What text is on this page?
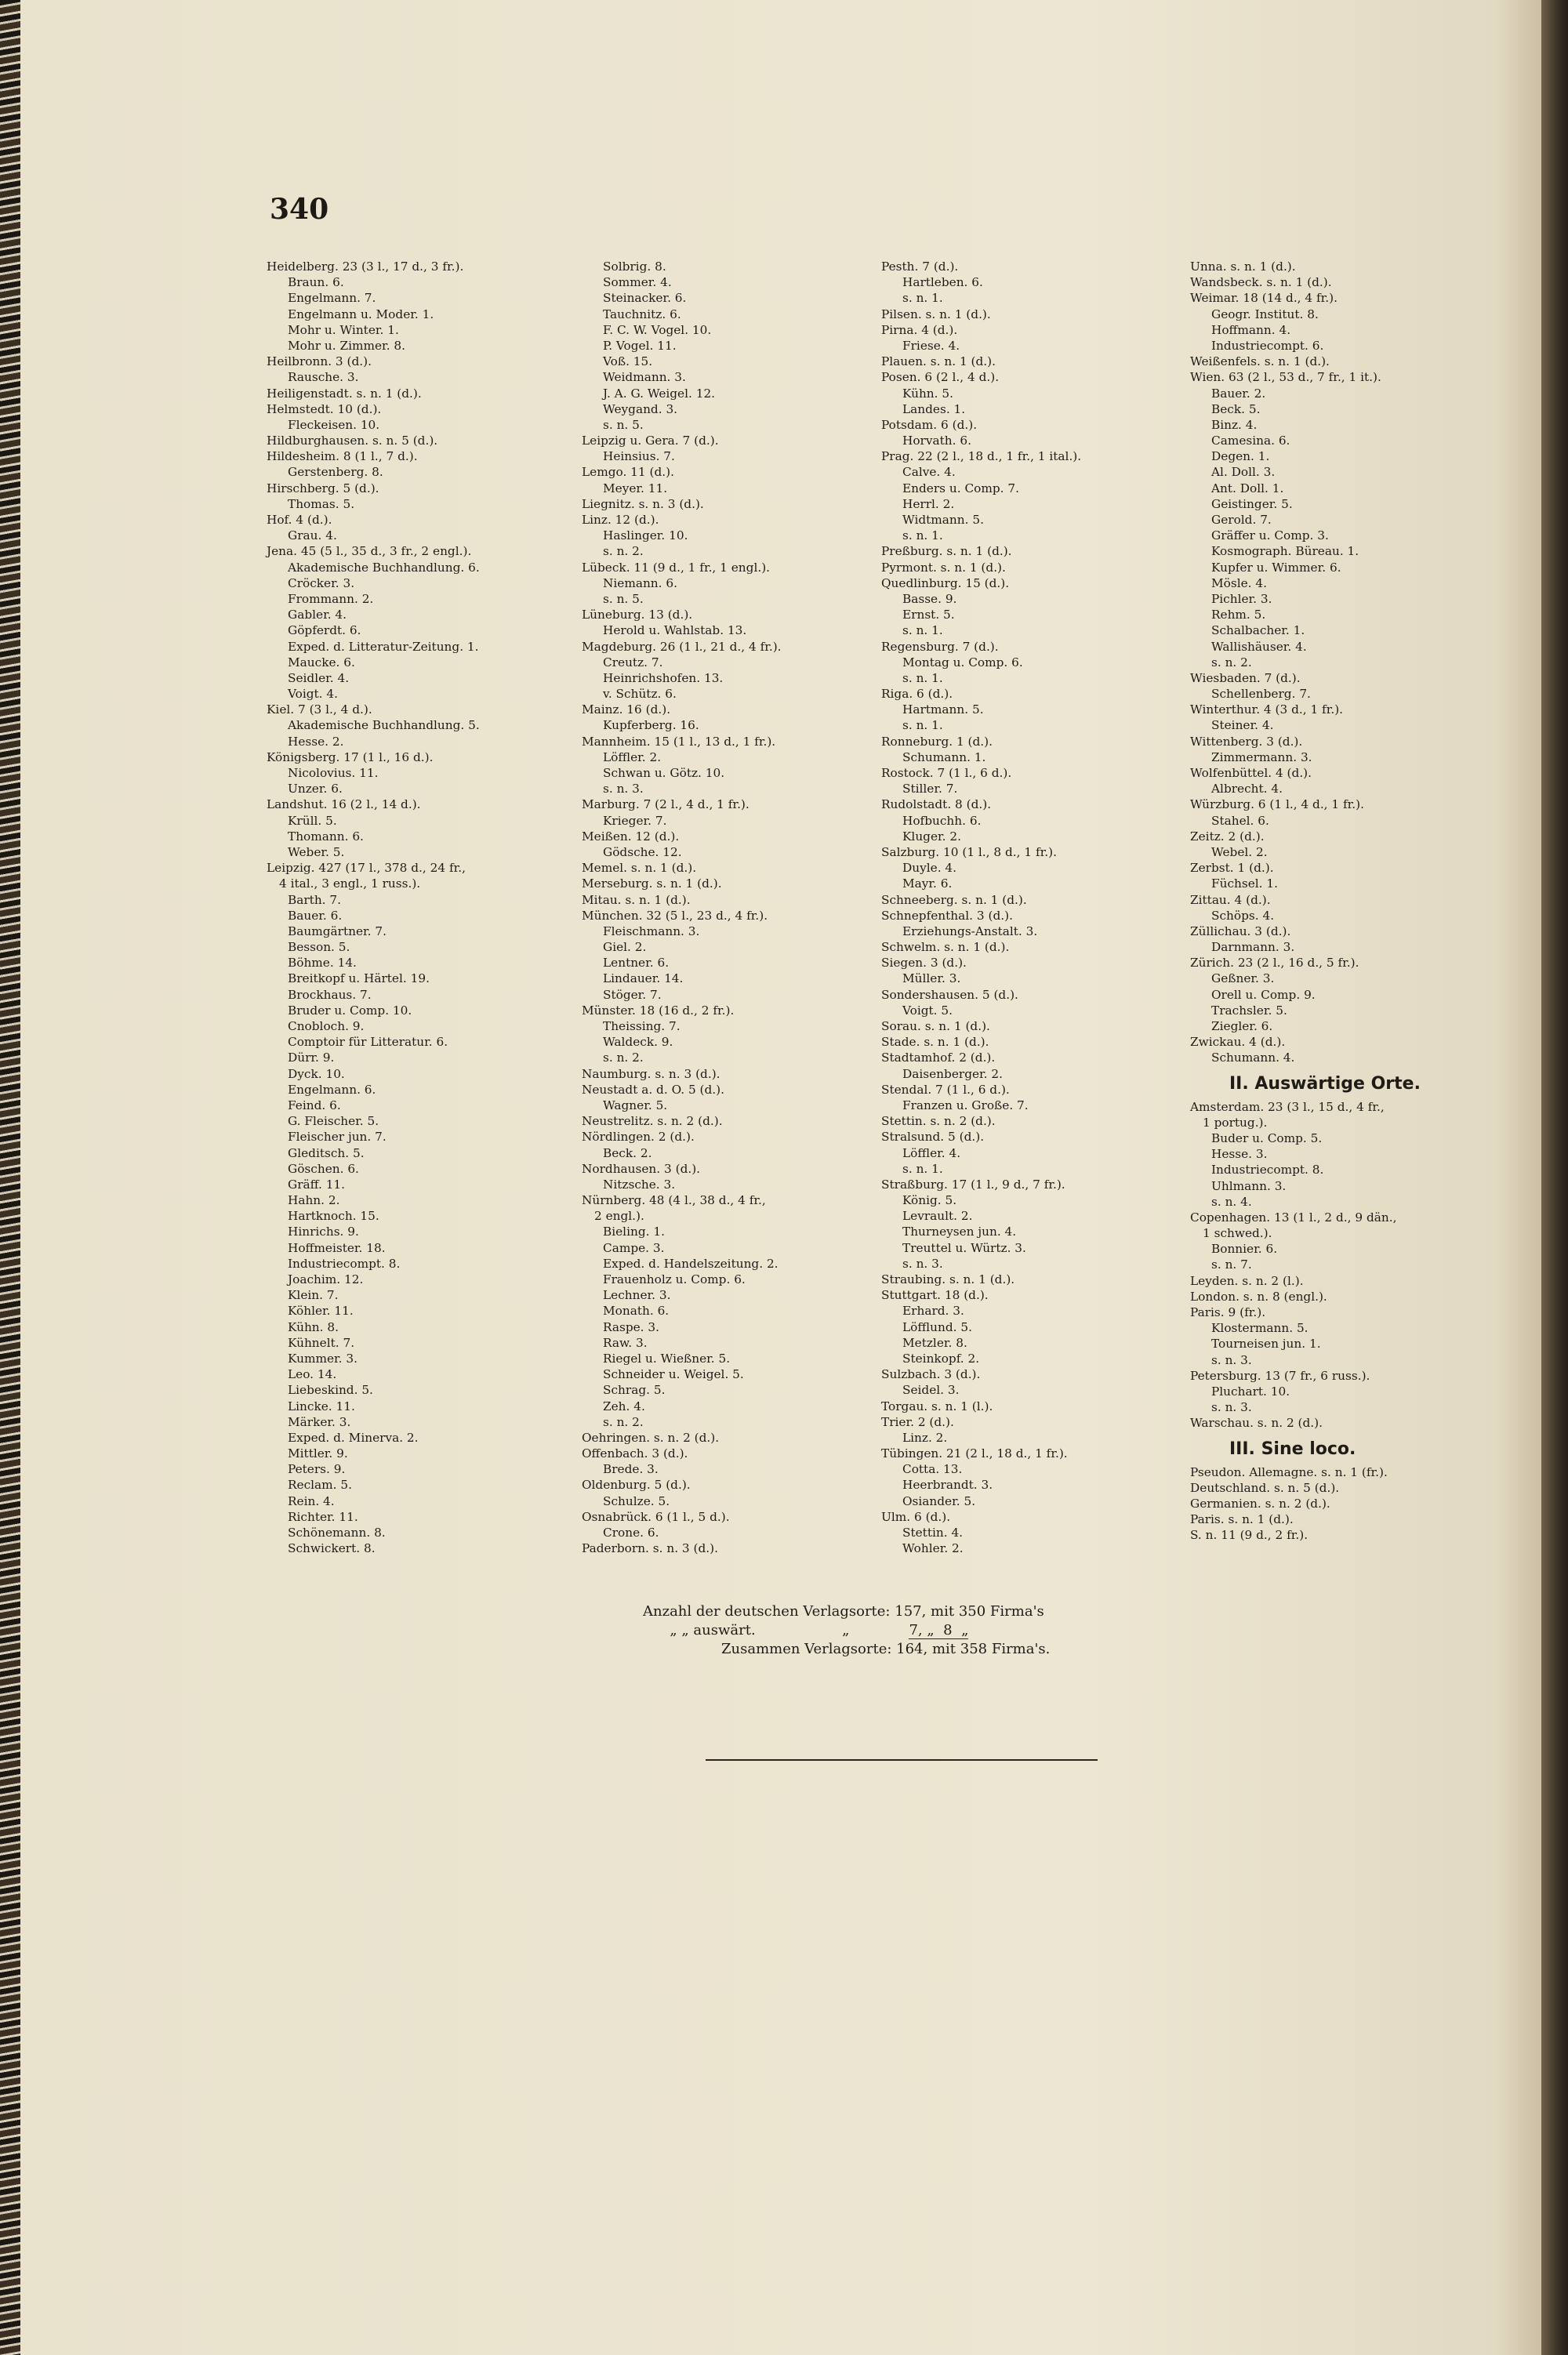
340
Heidelberg. 23 (3 l., 17 d., 3 fr.).
Braun. 6.
Engelmann. 7.
Engelmann u. Moder. 1.
Mohr u. Winter. 1.
Mohr u. Zimmer. 8.
Heilbronn. 3 (d.).
Rausche. 3.
Heiligenstadt. s. n. 1 (d.).
Helmstedt. 10 (d.).
Fleckeisen. 10.
Hildburghausen. s. n. 5 (d.).
Hildesheim. 8 (1 l., 7 d.).
Gerstenberg. 8.
Hirschberg. 5 (d.).
Thomas. 5.
Hof. 4 (d.).
Grau. 4.
Jena. 45 (5 l., 35 d., 3 fr., 2 engl.).
Akademische Buchhandlung. 6.
Cröcker. 3.
Frommann. 2.
Gabler. 4.
Göpferdt. 6.
Exped. d. Litteratur-Zeitung. 1.
Maucke. 6.
Seidler. 4.
Voigt. 4.
Kiel. 7 (3 l., 4 d.).
Akademische Buchhandlung. 5.
Hesse. 2.
Königsberg. 17 (1 l., 16 d.).
Nicolovius. 11.
Unzer. 6.
Landshut. 16 (2 l., 14 d.).
Krüll. 5.
Thomann. 6.
Weber. 5.
Leipzig. 427 (17 l., 378 d., 24 fr.,
4 ital., 3 engl., 1 russ.).
Barth. 7.
Bauer. 6.
Baumgärtner. 7.
Besson. 5.
Böhme. 14.
Breitkopf u. Härtel. 19.
Brockhaus. 7.
Bruder u. Comp. 10.
Cnobloch. 9.
Comptoir für Litteratur. 6.
Dürr. 9.
Dyck. 10.
Engelmann. 6.
Feind. 6.
G. Fleischer. 5.
Fleischer jun. 7.
Gleditsch. 5.
Göschen. 6.
Gräff. 11.
Hahn. 2.
Hartknoch. 15.
Hinrichs. 9.
Hoffmeister. 18.
Industriecompt. 8.
Joachim. 12.
Klein. 7.
Köhler. 11.
Kühn. 8.
Kühnelt. 7.
Kummer. 3.
Leo. 14.
Liebeskind. 5.
Lincke. 11.
Märker. 3.
Exped. d. Minerva. 2.
Mittler. 9.
Peters. 9.
Reclam. 5.
Rein. 4.
Richter. 11.
Schönemann. 8.
Schwickert. 8.
Solbrig. 8.
Sommer. 4.
Steinacker. 6.
Tauchnitz. 6.
F. C. W. Vogel. 10.
P. Vogel. 11.
Voß. 15.
Weidmann. 3.
J. A. G. Weigel. 12.
Weygand. 3.
s. n. 5.
Leipzig u. Gera. 7 (d.).
Heinsius. 7.
Lemgo. 11 (d.).
Meyer. 11.
Liegnitz. s. n. 3 (d.).
Linz. 12 (d.).
Haslinger. 10.
s. n. 2.
Lübeck. 11 (9 d., 1 fr., 1 engl.).
Niemann. 6.
s. n. 5.
Lüneburg. 13 (d.).
Herold u. Wahlstab. 13.
Magdeburg. 26 (1 l., 21 d., 4 fr.).
Creutz. 7.
Heinrichshofen. 13.
v. Schütz. 6.
Mainz. 16 (d.).
Kupferberg. 16.
Mannheim. 15 (1 l., 13 d., 1 fr.).
Löffler. 2.
Schwan u. Götz. 10.
s. n. 3.
Marburg. 7 (2 l., 4 d., 1 fr.).
Krieger. 7.
Meißen. 12 (d.).
Gödsche. 12.
Memel. s. n. 1 (d.).
Merseburg. s. n. 1 (d.).
Mitau. s. n. 1 (d.).
München. 32 (5 l., 23 d., 4 fr.).
Fleischmann. 3.
Giel. 2.
Lentner. 6.
Lindauer. 14.
Stöger. 7.
Münster. 18 (16 d., 2 fr.).
Theissing. 7.
Waldeck. 9.
s. n. 2.
Naumburg. s. n. 3 (d.).
Neustadt a. d. O. 5 (d.).
Wagner. 5.
Neustrelitz. s. n. 2 (d.).
Nördlingen. 2 (d.).
Beck. 2.
Nordhausen. 3 (d.).
Nitzsche. 3.
Nürnberg. 48 (4 l., 38 d., 4 fr.,
2 engl.).
Bieling. 1.
Campe. 3.
Exped. d. Handelszeitung. 2.
Frauenholz u. Comp. 6.
Lechner. 3.
Monath. 6.
Raspe. 3.
Raw. 3.
Riegel u. Wießner. 5.
Schneider u. Weigel. 5.
Schrag. 5.
Zeh. 4.
s. n. 2.
Oehringen. s. n. 2 (d.).
Offenbach. 3 (d.).
Brede. 3.
Oldenburg. 5 (d.).
Schulze. 5.
Osnabrück. 6 (1 l., 5 d.).
Crone. 6.
Paderborn. s. n. 3 (d.).
Pesth. 7 (d.).
Hartleben. 6.
s. n. 1.
Pilsen. s. n. 1 (d.).
Pirna. 4 (d.).
Friese. 4.
Plauen. s. n. 1 (d.).
Posen. 6 (2 l., 4 d.).
Kühn. 5.
Landes. 1.
Potsdam. 6 (d.).
Horvath. 6.
Prag. 22 (2 l., 18 d., 1 fr., 1 ital.).
Calve. 4.
Enders u. Comp. 7.
Herrl. 2.
Widtmann. 5.
s. n. 1.
Preßburg. s. n. 1 (d.).
Pyrmont. s. n. 1 (d.).
Quedlinburg. 15 (d.).
Basse. 9.
Ernst. 5.
s. n. 1.
Regensburg. 7 (d.).
Montag u. Comp. 6.
s. n. 1.
Riga. 6 (d.).
Hartmann. 5.
s. n. 1.
Ronneburg. 1 (d.).
Schumann. 1.
Rostock. 7 (1 l., 6 d.).
Stiller. 7.
Rudolstadt. 8 (d.).
Hofbuchh. 6.
Kluger. 2.
Salzburg. 10 (1 l., 8 d., 1 fr.).
Duyle. 4.
Mayr. 6.
Schneeberg. s. n. 1 (d.).
Schnepfenthal. 3 (d.).
Erziehungs-Anstalt. 3.
Schwelm. s. n. 1 (d.).
Siegen. 3 (d.).
Müller. 3.
Sondershausen. 5 (d.).
Voigt. 5.
Sorau. s. n. 1 (d.).
Stade. s. n. 1 (d.).
Stadtamhof. 2 (d.).
Daisenberger. 2.
Stendal. 7 (1 l., 6 d.).
Franzen u. Große. 7.
Stettin. s. n. 2 (d.).
Stralsund. 5 (d.).
Löffler. 4.
s. n. 1.
Straßburg. 17 (1 l., 9 d., 7 fr.).
König. 5.
Levrault. 2.
Thurneysen jun. 4.
Treuttel u. Würtz. 3.
s. n. 3.
Straubing. s. n. 1 (d.).
Stuttgart. 18 (d.).
Erhard. 3.
Löfflund. 5.
Metzler. 8.
Steinkopf. 2.
Sulzbach. 3 (d.).
Seidel. 3.
Torgau. s. n. 1 (l.).
Trier. 2 (d.).
Linz. 2.
Tübingen. 21 (2 l., 18 d., 1 fr.).
Cotta. 13.
Heerbrandt. 3.
Osiander. 5.
Ulm. 6 (d.).
Stettin. 4.
Wohler. 2.
Unna. s. n. 1 (d.).
Wandsbeck. s. n. 1 (d.).
Weimar. 18 (14 d., 4 fr.).
Geogr. Institut. 8.
Hoffmann. 4.
Industriecompt. 6.
Weißenfels. s. n. 1 (d.).
Wien. 63 (2 l., 53 d., 7 fr., 1 it.).
Bauer. 2.
Beck. 5.
Binz. 4.
Camesina. 6.
Degen. 1.
Al. Doll. 3.
Ant. Doll. 1.
Geistinger. 5.
Gerold. 7.
Gräffer u. Comp. 3.
Kosmograph. Büreau. 1.
Kupfer u. Wimmer. 6.
Mösle. 4.
Pichler. 3.
Rehm. 5.
Schalbacher. 1.
Wallishäuser. 4.
s. n. 2.
Wiesbaden. 7 (d.).
Schellenberg. 7.
Winterthur. 4 (3 d., 1 fr.).
Steiner. 4.
Wittenberg. 3 (d.).
Zimmermann. 3.
Wolfenbüttel. 4 (d.).
Albrecht. 4.
Würzburg. 6 (1 l., 4 d., 1 fr.).
Stahel. 6.
Zeitz. 2 (d.).
Webel. 2.
Zerbst. 1 (d.).
Füchsel. 1.
Zittau. 4 (d.).
Schöps. 4.
Züllichau. 3 (d.).
Darnmann. 3.
Zürich. 23 (2 l., 16 d., 5 fr.).
Geßner. 3.
Orell u. Comp. 9.
Trachsler. 5.
Ziegler. 6.
Zwickau. 4 (d.).
Schumann. 4.
II. Auswärtige Orte.
Amsterdam. 23 (3 l., 15 d., 4 fr.,
1 portug.).
Buder u. Comp. 5.
Hesse. 3.
Industriecompt. 8.
Uhlmann. 3.
s. n. 4.
Copenhagen. 13 (1 l., 2 d., 9 dän.,
1 schwed.).
Bonnier. 6.
s. n. 7.
Leyden. s. n. 2 (l.).
London. s. n. 8 (engl.).
Paris. 9 (fr.).
Klostermann. 5.
Tourneisen jun. 1.
s. n. 3.
Petersburg. 13 (7 fr., 6 russ.).
Pluchart. 10.
s. n. 3.
Warschau. s. n. 2 (d.).
III. Sine loco.
Pseudon. Allemagne. s. n. 1 (fr.).
Deutschland. s. n. 5 (d.).
Germanien. s. n. 2 (d.).
Paris. s. n. 1 (d.).
S. n. 11 (9 d., 2 fr.).
Anzahl der deutschen Verlagsorte: 157, mit 350 Firma's
„ „ auswärt.	„	7, „ 8 „
Zusammen Verlagsorte: 164, mit 358 Firma's.
